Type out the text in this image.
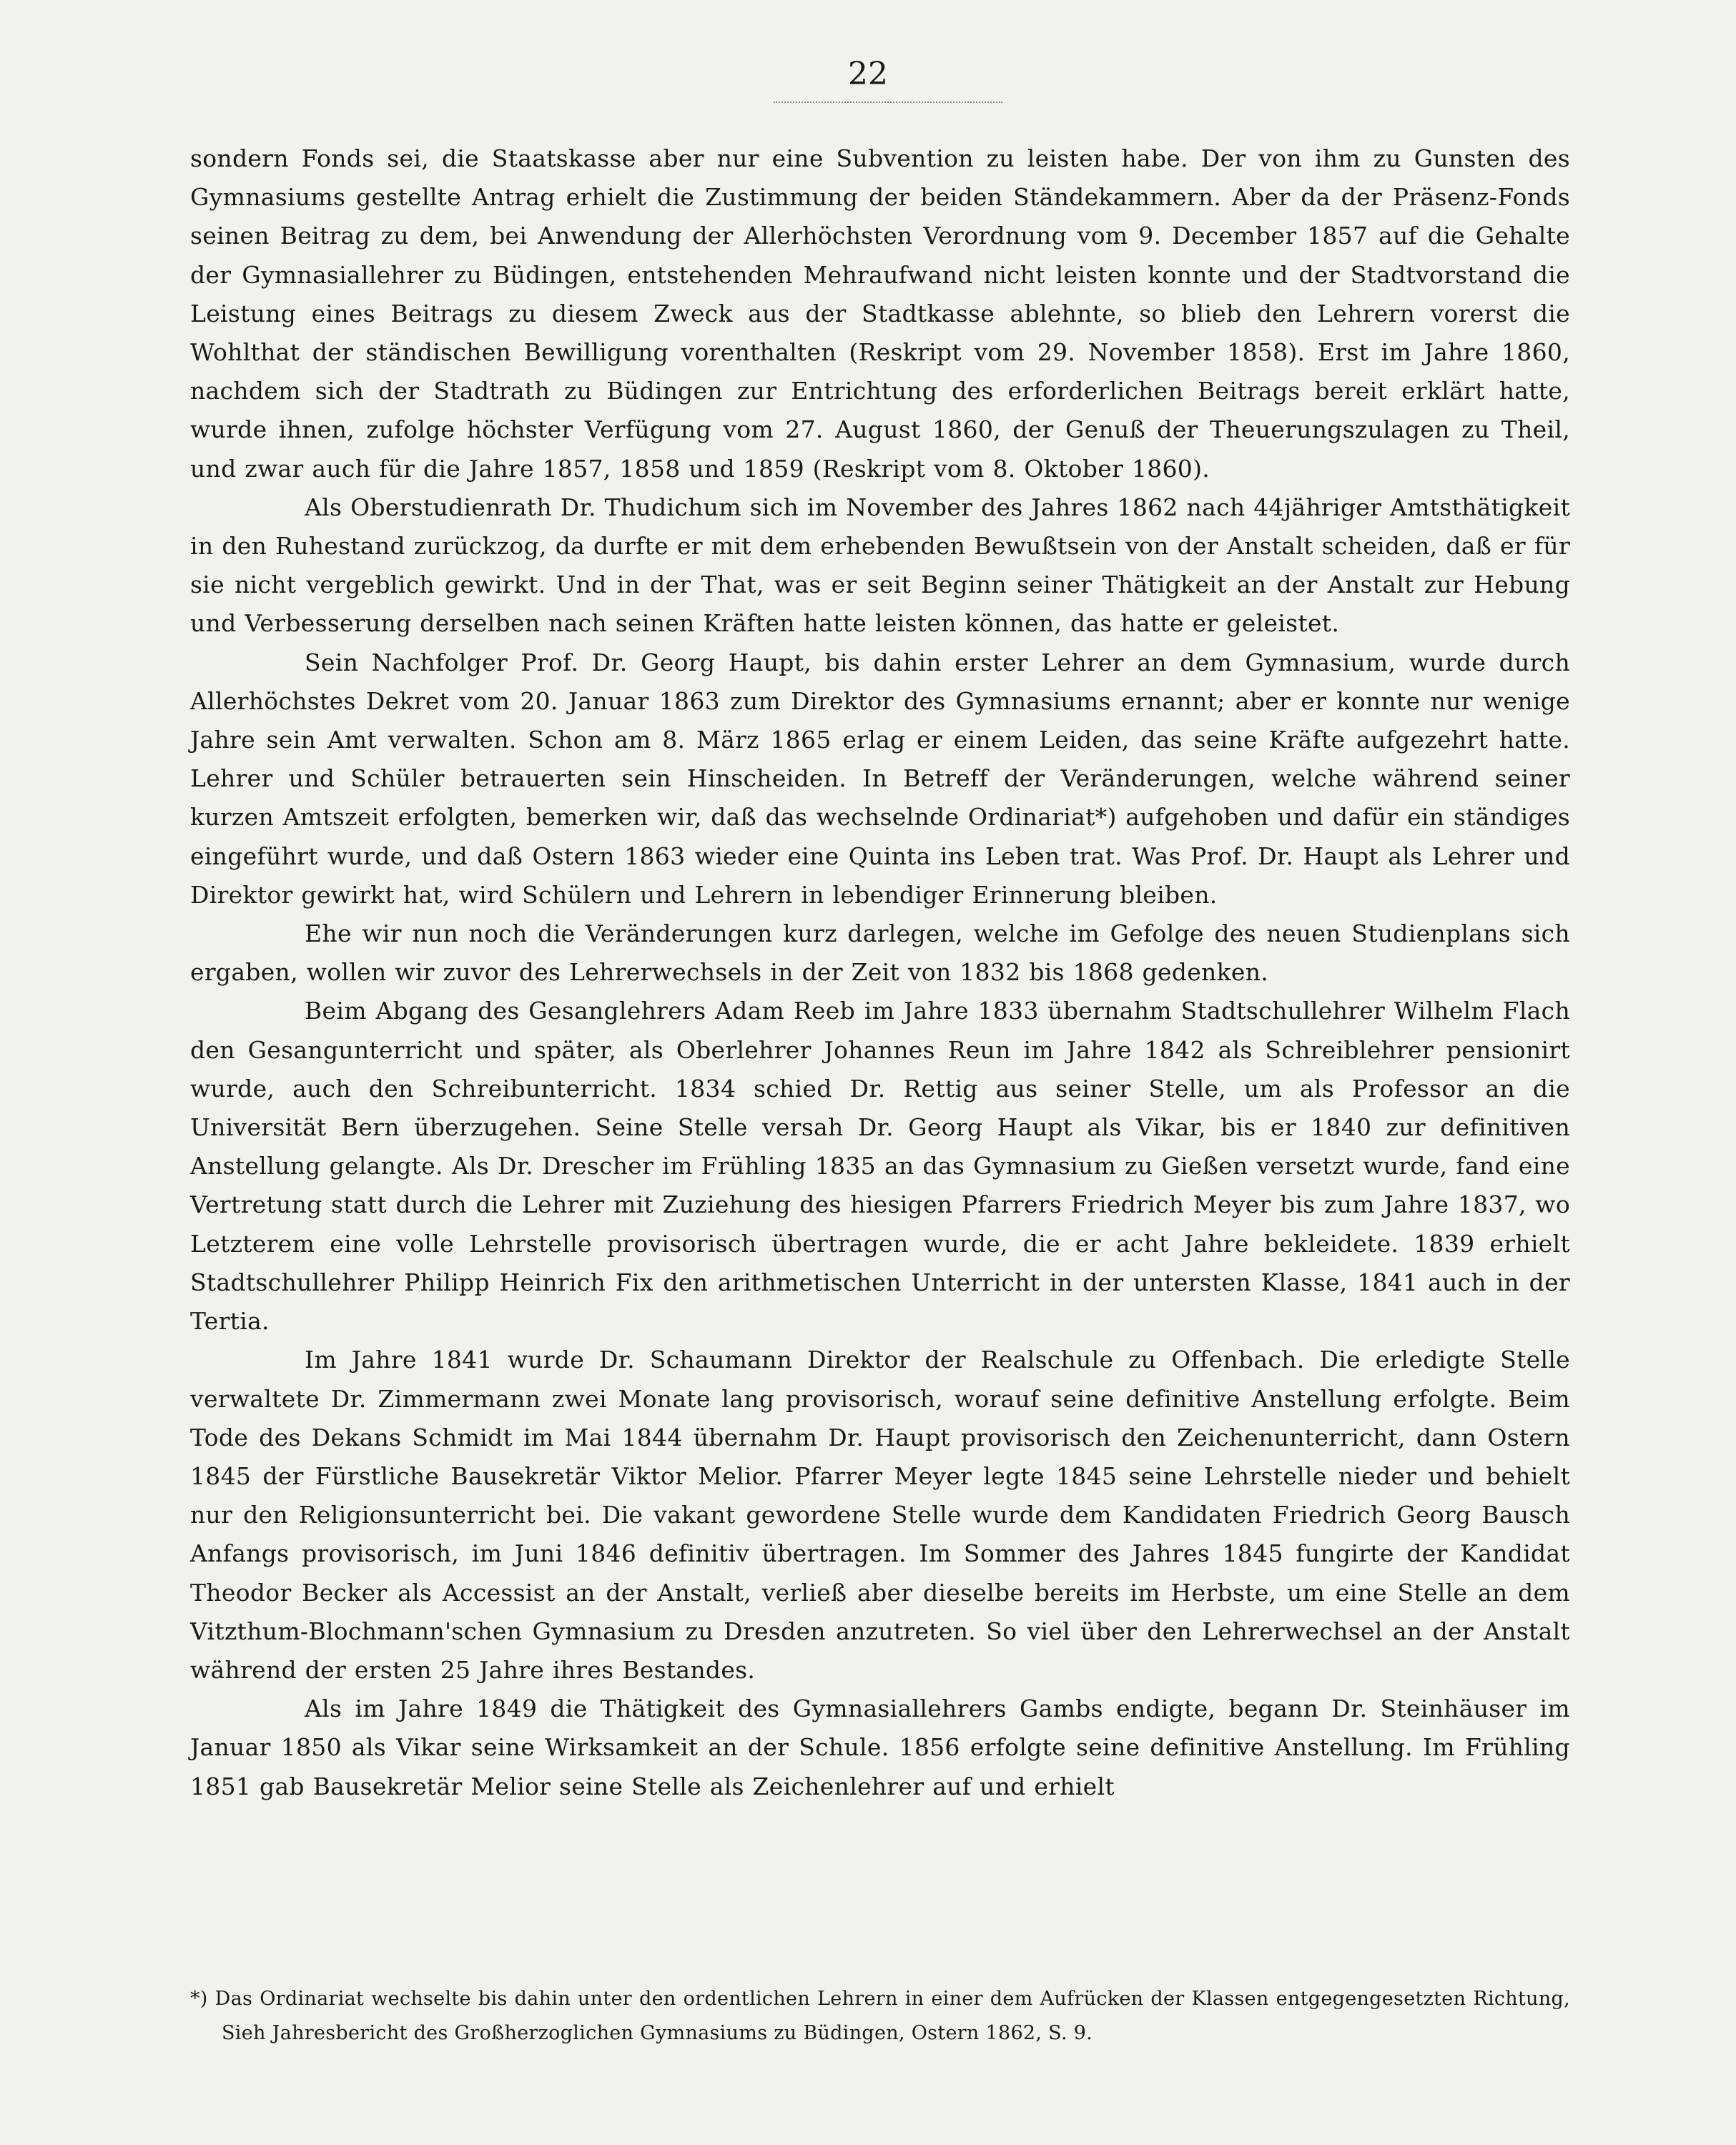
22

sondern Fonds sei, die Staatskasse aber nur eine Subvention zu leisten habe. Der von ihm zu Gunsten des Gymnasiums gestellte Antrag erhielt die Zustimmung der beiden Ständekammern. Aber da der Präsenz-Fonds seinen Beitrag zu dem, bei Anwendung der Allerhöchsten Verordnung vom 9. December 1857 auf die Gehalte der Gymnasiallehrer zu Büdingen, entstehenden Mehraufwand nicht leisten konnte und der Stadtvorstand die Leistung eines Beitrags zu diesem Zweck aus der Stadtkasse ablehnte, so blieb den Lehrern vorerst die Wohlthat der ständischen Bewilligung vorenthalten (Reskript vom 29. November 1858). Erst im Jahre 1860, nachdem sich der Stadtrath zu Büdingen zur Entrichtung des erforderlichen Beitrags bereit erklärt hatte, wurde ihnen, zufolge höchster Verfügung vom 27. August 1860, der Genuß der Theuerungszulagen zu Theil, und zwar auch für die Jahre 1857, 1858 und 1859 (Reskript vom 8. Oktober 1860).

Als Oberstudienrath Dr. Thudichum sich im November des Jahres 1862 nach 44jähriger Amtsthätigkeit in den Ruhestand zurückzog, da durfte er mit dem erhebenden Bewußtsein von der Anstalt scheiden, daß er für sie nicht vergeblich gewirkt. Und in der That, was er seit Beginn seiner Thätigkeit an der Anstalt zur Hebung und Verbesserung derselben nach seinen Kräften hatte leisten können, das hatte er geleistet.

Sein Nachfolger Prof. Dr. Georg Haupt, bis dahin erster Lehrer an dem Gymnasium, wurde durch Allerhöchstes Dekret vom 20. Januar 1863 zum Direktor des Gymnasiums ernannt; aber er konnte nur wenige Jahre sein Amt verwalten. Schon am 8. März 1865 erlag er einem Leiden, das seine Kräfte aufgezehrt hatte. Lehrer und Schüler betrauerten sein Hinscheiden. In Betreff der Veränderungen, welche während seiner kurzen Amtszeit erfolgten, bemerken wir, daß das wechselnde Ordinariat*) aufgehoben und dafür ein ständiges eingeführt wurde, und daß Ostern 1863 wieder eine Quinta ins Leben trat. Was Prof. Dr. Haupt als Lehrer und Direktor gewirkt hat, wird Schülern und Lehrern in lebendiger Erinnerung bleiben.

Ehe wir nun noch die Veränderungen kurz darlegen, welche im Gefolge des neuen Studienplans sich ergaben, wollen wir zuvor des Lehrerwechsels in der Zeit von 1832 bis 1868 gedenken.

Beim Abgang des Gesanglehrers Adam Reeb im Jahre 1833 übernahm Stadtschullehrer Wilhelm Flach den Gesangunterricht und später, als Oberlehrer Johannes Reun im Jahre 1842 als Schreiblehrer pensionirt wurde, auch den Schreibunterricht. 1834 schied Dr. Rettig aus seiner Stelle, um als Professor an die Universität Bern überzugehen. Seine Stelle versah Dr. Georg Haupt als Vikar, bis er 1840 zur definitiven Anstellung gelangte. Als Dr. Drescher im Frühling 1835 an das Gymnasium zu Gießen versetzt wurde, fand eine Vertretung statt durch die Lehrer mit Zuziehung des hiesigen Pfarrers Friedrich Meyer bis zum Jahre 1837, wo Letzterem eine volle Lehrstelle provisorisch übertragen wurde, die er acht Jahre bekleidete. 1839 erhielt Stadtschullehrer Philipp Heinrich Fix den arithmetischen Unterricht in der untersten Klasse, 1841 auch in der Tertia.

Im Jahre 1841 wurde Dr. Schaumann Direktor der Realschule zu Offenbach. Die erledigte Stelle verwaltete Dr. Zimmermann zwei Monate lang provisorisch, worauf seine definitive Anstellung erfolgte. Beim Tode des Dekans Schmidt im Mai 1844 übernahm Dr. Haupt provisorisch den Zeichenunterricht, dann Ostern 1845 der Fürstliche Bausekretär Viktor Melior. Pfarrer Meyer legte 1845 seine Lehrstelle nieder und behielt nur den Religionsunterricht bei. Die vakant gewordene Stelle wurde dem Kandidaten Friedrich Georg Bausch Anfangs provisorisch, im Juni 1846 definitiv übertragen. Im Sommer des Jahres 1845 fungirte der Kandidat Theodor Becker als Accessist an der Anstalt, verließ aber dieselbe bereits im Herbste, um eine Stelle an dem Vitzthum-Blochmann'schen Gymnasium zu Dresden anzutreten. So viel über den Lehrerwechsel an der Anstalt während der ersten 25 Jahre ihres Bestandes.

Als im Jahre 1849 die Thätigkeit des Gymnasiallehrers Gambs endigte, begann Dr. Steinhäuser im Januar 1850 als Vikar seine Wirksamkeit an der Schule. 1856 erfolgte seine definitive Anstellung. Im Frühling 1851 gab Bausekretär Melior seine Stelle als Zeichenlehrer auf und erhielt

*) Das Ordinariat wechselte bis dahin unter den ordentlichen Lehrern in einer dem Aufrücken der Klassen entgegengesetzten Richtung, Sieh Jahresbericht des Großherzoglichen Gymnasiums zu Büdingen, Ostern 1862, S. 9.
